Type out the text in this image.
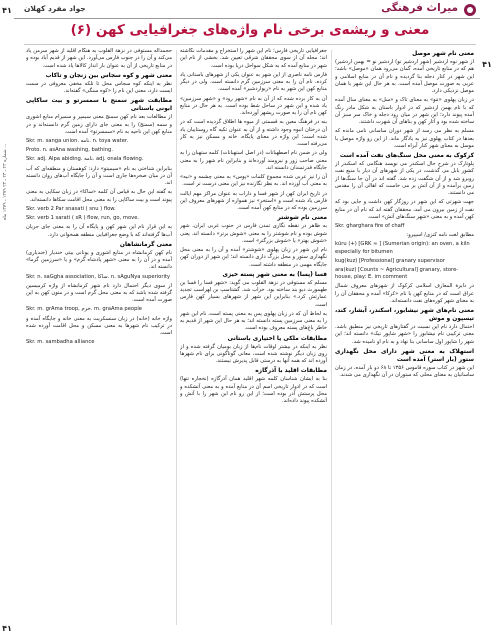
۴۱
شماره ۲۳ ـ ۲۳ ـ ۲۳ ۱۳۷۹ ـ ۱۳۷۹ ماه ...
۴۱
۴۱
میراث فرهنگی
جواد مفرد کهلان
معنی و ریشه‌ی برخی نام واژه‌های جغرافیایی کهن (۶)
معنی نام شهر موصل

از شهر نوه اردشیر (شهر اردشیر نو) اردشیر نو = بهمن اردشیر) هم که در منابع تاریخی آمده، گمان می‌رود همان «موصل» باشد؛ این شهر در کنار دجله بنا گردیده و نام آن در منابع اسلامی و عربی به صورت موصل آمده است. به هر حال این شهر با همان موصل نزدیکی دارد.

در زبان پهلوی «مَو» به معنای تاک و «سل» به معنای سال آمده که با نام بهمن اردشیر که در ادوار باستان به شکل مادر رنگ آمده پیوند دارد؛ این شهر در میان رود دجله و خاک سر سبز آن ساخته شده بود و آثار کهن و بناهای آن شهرت داشتند.

مسلم به نظر می رسد از شهر دوران ساسانی نامی مانده که بعدها در کتاب پهلوی نیز به یادگار ماند. از این رو واژه موصل یا موسل به معنای شهر کنار آبراه است.

کرکوک به معنی محل سنگ‌های نفت آمده است

پلوتارک در شرح حال اسکندر می نویسد هنگامی که اسکندر از کشور بابل می گذشت، در یکی از شهرهای آن دیار با منبع نفت روبرو شد و از آن شگفت زده شد. گفته اند در آن جا سنگ‌ها از زمین برآمده و از آن آتش بر می خاست که اهالی آن را مقدس می دانستند.

جهت شهرتی که این شهر در روزگار کهن داشت و جایی بود که نفت از زمین بیرون می آمد، محققان گفته اند که نام آن در منابع کهن آمده و به معنی «شهر سنگ‌های آتش» است.

Skr. ghargharа fire of chaff

مطابق لغت نامه کنزی/ اسپیرو:

kūru (+) [GRK ≈ ] (Sumerian origin): an oven, a kiln especially for bitumen

kug(kuz) [Professional] granary supervisor

ara(kuz) [Counts ~ Agricultural] granary, store-house, play: E. im comment

در دایرة المعارف اسلامی کرکوک از شهرهای معروف شمال عراق است که در منابع کهن با نام «کرکا» آمده و محققان آن را به معنای شهر کوره‌های نفت دانسته‌اند.

معنی نام‌های شهر نیشابور، اسکندر، آبشار، کند، تیسپون و موش

احتمال دارد نام این نسبت در گفتارهای تاریخی نیز منطبق باشد. معنی ترکیبی نام نیشابور را «شهر شاپور نیک» دانسته اند؛ این شهر را شاپور اول ساسانی بنا نهاد و به نام او نامیده شد.

استهلاک به معنی شهر دارای محل نگهداری ستور (بار استر) آمده است

این شهر در کتاب سوره قاموس ۱۳۵۶ تا ۶۸ دو بار آمده، در زمان ساسانیان به معنای محلی که ستوران در آن نگهداری می شدند.

جغرافیایی تاریخی فارس؛ نام این شهر را استخراج و مقدمات نگاشته اند؛ محله آن از سوی محققان شرقی تعیین شد. بخشی از نام این شهر در منابع آمده که به شکل سواحل دریا بوده است.

فارس نامه ناصری از این شهر به عنوان یکی از شهرهای باستانی یاد کرده، نام آن را به معنی سرزمین گرم دانسته است. ولی در دیگر منابع کهن این شهر به نام «ریواردشیر» آمده است.

آن به کار برده شده که از آن به نام «شهر رود» و «شهر سرزمین» یاد شده و این شهر در ساحل شط بوده است. به هر حال در منابع کهن نام آن را به صورت ریشهر آورده‌اند.

بنه در فرهنگ معین به قسمتی از میوه ها اطلاق گردیده است که در آن درختان انبوه وجود داشته و از آن به عنوان تکیه گاه روستاییان یاد شده است؛ این واژه در معنای پایگاه، خانه و مسکن نیز به کار می‌رفته است.

ولی در ضمن نام اصطهبانات (در اصل استهبانات) کلمه ستهبان را به معنی صاحب زور و نیرومند آورده‌اند و بنابراین نام شهر را به معنی جایگاه قدرتمندان دانسته اند.

آن را نیز عربی شده مجموع کلمات «پوس» به معنی چشمه و «نیه» به معنی آب آورده اند. به نظر نگارنده نیز این معنی درست تر است.

در تاریخ ایران کهن از شهر فسا و داراب به عنوان مراکز مهم ایالت فارس یاد شده است و «استخر» نیز همواره از شهرهای معروف این سرزمین بوده که در منابع کهن آمده است.

معنی نام شوشتر

به ظاهر در نقطه نگاری تمدن فارس در جنوب غربی ایران، شهر شوش بوده و نام شوشتر را به معنی «شوش برتر» دانسته اند. یعنی «شوش بهتر» یا «شوش بزرگتر» است.

نام این شهر در زبان پهلوی «شوشتر» آمده و آن را به معنی محل نگهداری ستور و محل بزرگ داری دانسته اند؛ این شهر از دوران کهن جایگاه مهمی در منطقه داشته است.

فسا (پسا) به معنی شهر پسته خیزی

مسلم که مستوفی در نزهة القلوب می گوید: «شهر فسا را فسا بن طهمورث دیو بند ساخته بود. خراب شد. گشتاسپ بن لهراسب تجدید عمارتش کرد.» بنابراین این شهر از شهرهای بسیار کهن فارس است.

به لحاظ آن که در زبان پهلوی پس به معنی پسته است، نام این شهر را به معنی سرزمین پسته دانسته اند؛ به هر حال این شهر از قدیم به خاطر باغ‌های پسته معروف بوده است.

مطابقات ملکی یا اختیاری باستانی

نظر به اینکه در بیشتر اوقات نام‌ها از زبان بومیان گرفته شده و از روی زبان دیگر نوشته شده است، معانی گوناگونی برای نام شهرها آورده اند که همه آنها به درستی قابل پذیرش نیستند.

مطابقات اقلید با آذرگازه

بنا به ایشان شناسان کلمه شهر اقلید همان آذرگازه (نخجاره تنها) است که در ادوار تاریخی اسم آن در منابع آمده و به معنی آتشکده و محل پرستش آذر بوده است؛ از این رو نام این شهر را با آتش و آتشکده پیوند داده‌اند.

حجمداله مستوفی در نزهة القلوب به هنگام اقلید از شهر سرمن یاد می‌کند و آن را در جنوب فارس می‌آورد. این شهر از قدیم آباد بوده و در منابع تاریخی از آن به عنوان بار انداز کالاها یاد شده است.

معنی شهر و کوه سجاس بین زنجان و تاکاب

نظر به اینکه کوه سجاس محل تا تلکه مخفی معروفی در سمت ایست دارد، معنی این نام را «کوه سنگی» گفته‌اند.

مطابقت شهر سمنج با سمسرتو و بیت ساکاپی ابونی باستانی

از مطالعات بعد نام کهن سمنج معنی سیمپر و سمیرام منابع اشوری و سمه (سمنج) را به معنی جای دارای زمین گرم دانسته‌اند و در منابع کهن این ناحیه به نام «سمسرتو» آمده است.

Skr. m. sanga union. نامه. n. toya water.

Proto. n. asAna washing, bathing.

Skr. adj. Alpa abiding. نامه. adj. onala flowing.

بنابراین شناختی به نام «سیمیتو» دارد: کوهستان و منطقه‌ای که آب آن در میان صخره‌ها جاری است و آن را جایگاه آب‌های روان دانسته اند.

به گفته این حال به قیاس آن کلمه «ساکا» در زبان سکایی به معنی پیوند است و بیت ساکاپی را به معنی محل اقامت سکاها دانسته‌اند.

Skr. verb 2 Par snasati ( snu ) flow.

Skr. verb 1 sarati ( sR ) flow, run, go, move.

به این قرار نام این شهر کهن و پایگاه آن را به معنی جای جریان آب‌ها گرفته‌اند که با وضع جغرافیایی منطقه همخوانی دارد.

معنی گرمانشاهان

نام کهن کرمانشاه در منابع اشوری و یونانی بیتی خندیار (خندیاری) آمده و در آن را به معنی «شهر پادشاه گرم» و یا «سرزمین گرما» دانسته اند.

Skr. n. saGgha association, ساکا. n. sAguNya superiority

از سوی دیگر احتمال دارد نام شهر کرمانشاه از واژه کرمیسین گرفته شده باشد که به معنی محل گرم است و در متون کهن به این صورت آمده است.

Skr. m. grAma troop, خرم. m. graAma people

واژه خانه (خانه) در زبان سنسکریت به معنی خانه و جایگاه آمده و در ترکیب نام شهرها به معنی مسکن و محل اقامت آورده شده است.

Skr. m. sambadha alliance
